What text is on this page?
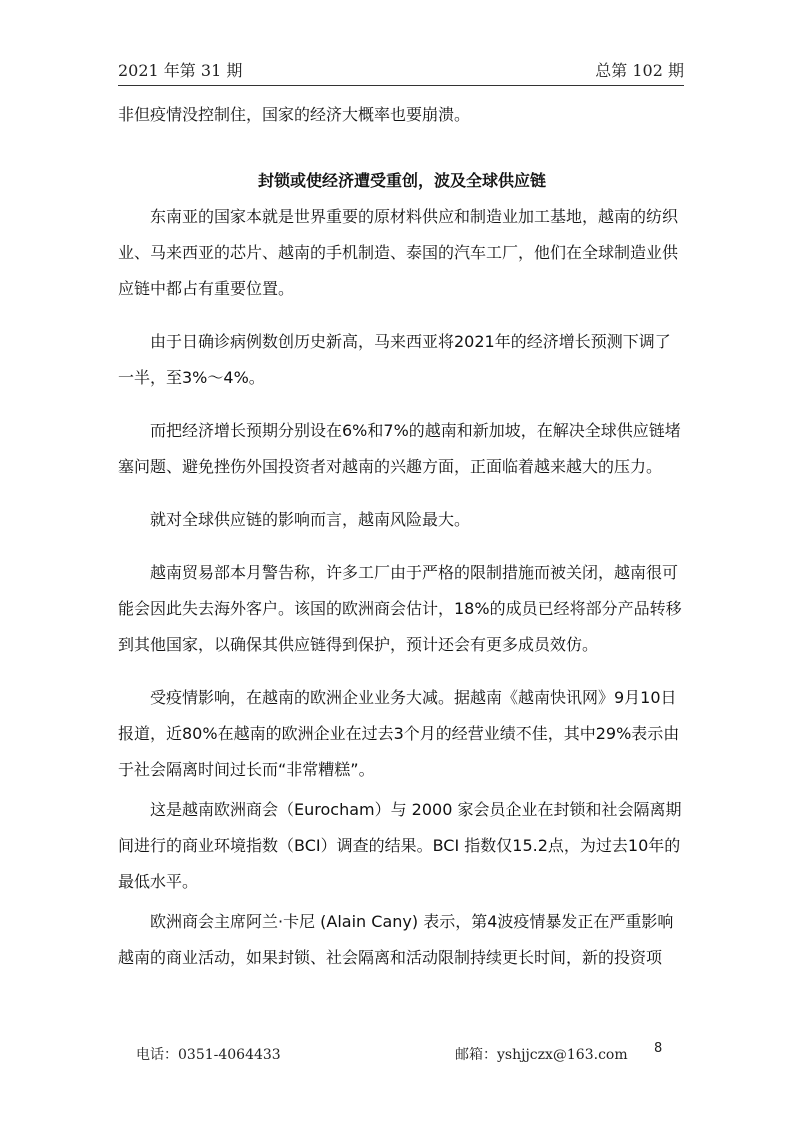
2021 年第 31 期	总第 102 期

非但疫情没控制住，国家的经济大概率也要崩溃。

封锁或使经济遭受重创，波及全球供应链

东南亚的国家本就是世界重要的原材料供应和制造业加工基地，越南的纺织业、马来西亚的芯片、越南的手机制造、泰国的汽车工厂，他们在全球制造业供应链中都占有重要位置。

由于日确诊病例数创历史新高，马来西亚将2021年的经济增长预测下调了一半，至3%～4%。

而把经济增长预期分别设在6%和7%的越南和新加坡，在解决全球供应链堵塞问题、避免挫伤外国投资者对越南的兴趣方面，正面临着越来越大的压力。

就对全球供应链的影响而言，越南风险最大。

越南贸易部本月警告称，许多工厂由于严格的限制措施而被关闭，越南很可能会因此失去海外客户。该国的欧洲商会估计，18%的成员已经将部分产品转移到其他国家，以确保其供应链得到保护，预计还会有更多成员效仿。

受疫情影响，在越南的欧洲企业业务大减。据越南《越南快讯网》9月10日报道，近80%在越南的欧洲企业在过去3个月的经营业绩不佳，其中29%表示由于社会隔离时间过长而“非常糟糕”。

这是越南欧洲商会（Eurocham）与 2000 家会员企业在封锁和社会隔离期间进行的商业环境指数（BCI）调查的结果。BCI 指数仅15.2点，为过去10年的最低水平。

欧洲商会主席阿兰·卡尼 (Alain Cany) 表示，第4波疫情暴发正在严重影响越南的商业活动，如果封锁、社会隔离和活动限制持续更长时间，新的投资项

电话：0351-4064433	邮箱：yshjjczx@163.com 8
